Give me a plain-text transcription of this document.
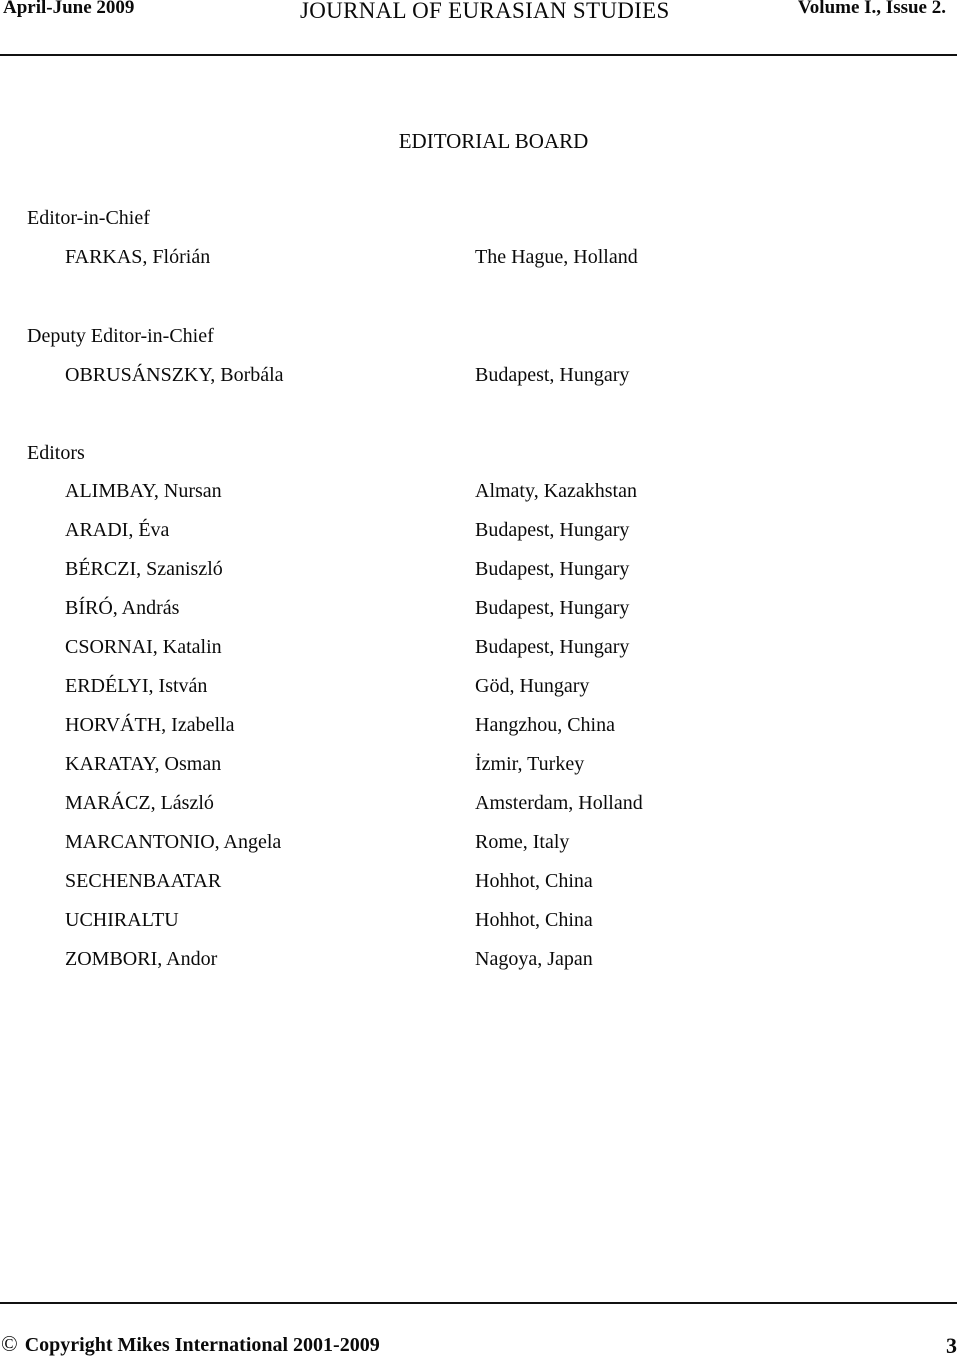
April-June 2009	JOURNAL OF EURASIAN STUDIES	Volume I., Issue 2.
EDITORIAL BOARD
Editor-in-Chief
FARKAS, Flórián	The Hague, Holland
Deputy Editor-in-Chief
OBRUSÁNSZKY, Borbála	Budapest, Hungary
Editors
ALIMBAY, Nursan	Almaty, Kazakhstan
ARADI, Éva	Budapest, Hungary
BÉRCZI, Szaniszló	Budapest, Hungary
BÍRÓ, András	Budapest, Hungary
CSORNAI, Katalin	Budapest, Hungary
ERDÉLYI, István	Göd, Hungary
HORVÁTH, Izabella	Hangzhou, China
KARATAY, Osman	İzmir, Turkey
MARÁCZ, László	Amsterdam, Holland
MARCANTONIO, Angela	Rome, Italy
SECHENBAATAR	Hohhot, China
UCHIRALTU	Hohhot, China
ZOMBORI, Andor	Nagoya, Japan
© Copyright Mikes International 2001-2009	3
